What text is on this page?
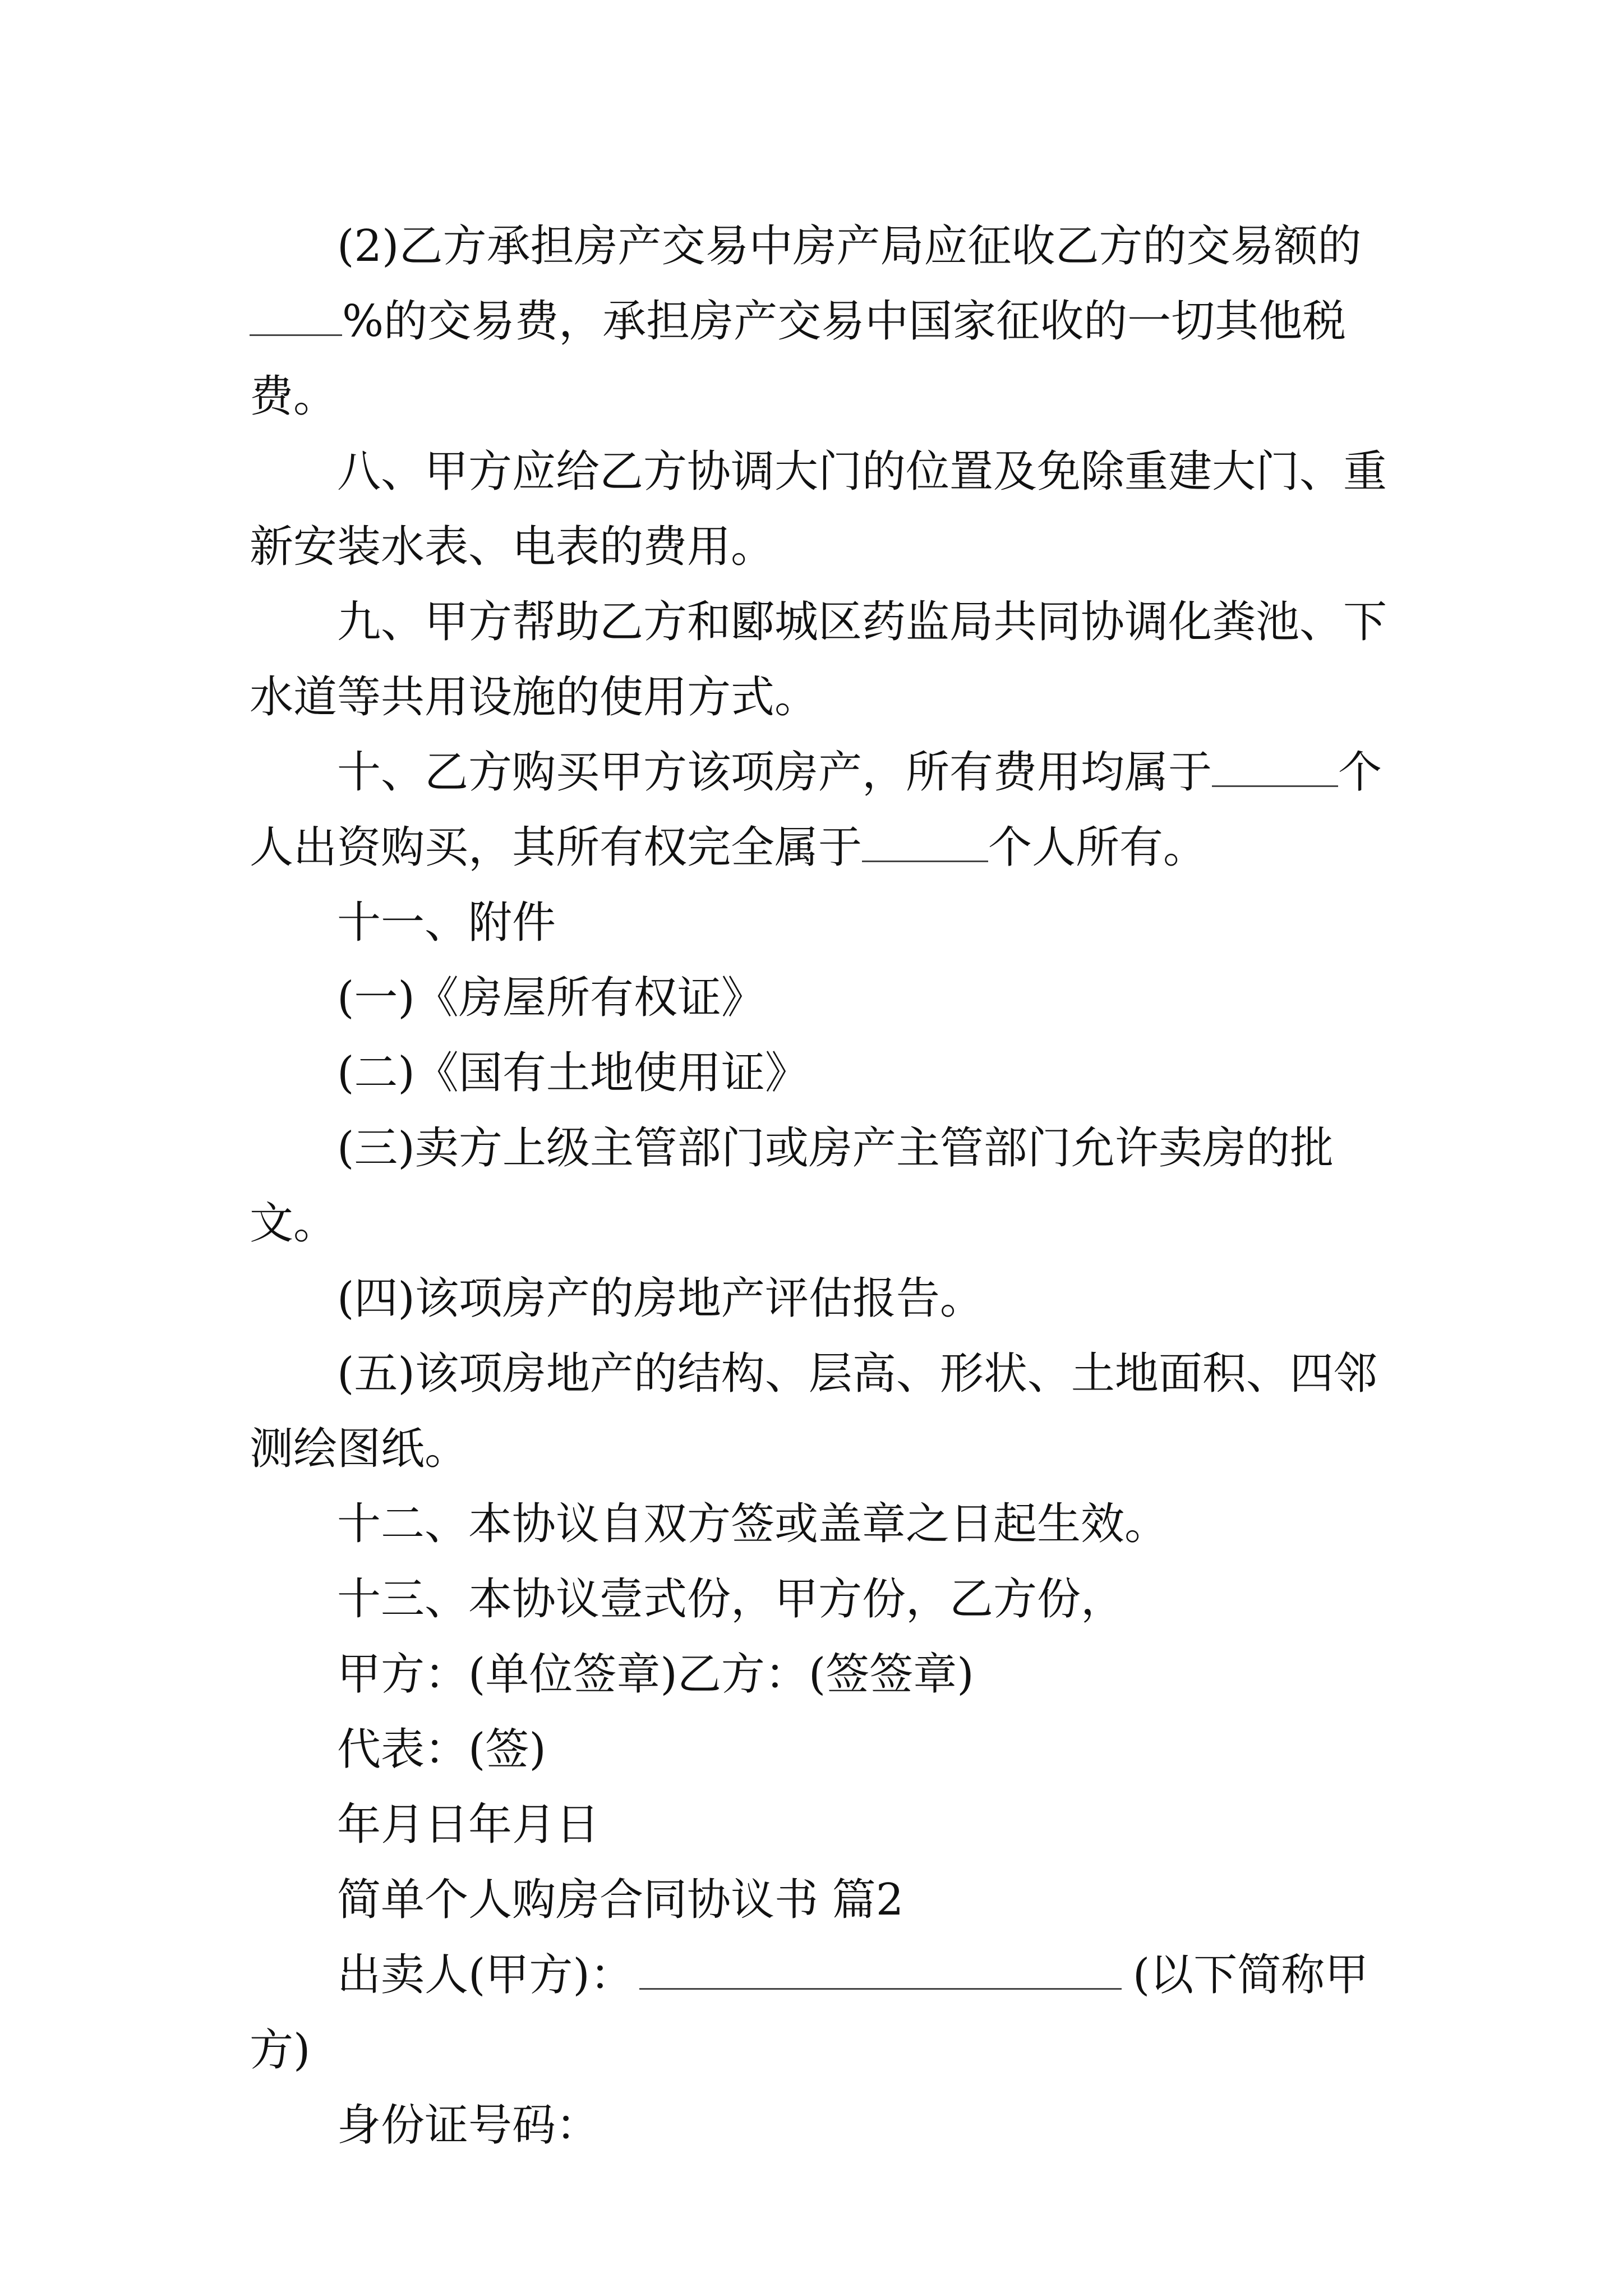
(2)乙方承担房产交易中房产局应征收乙方的交易额的%的交易费，承担房产交易中国家征收的一切其他税费。

八、甲方应给乙方协调大门的位置及免除重建大门、重新安装水表、电表的费用。

九、甲方帮助乙方和郾城区药监局共同协调化粪池、下水道等共用设施的使用方式。

十、乙方购买甲方该项房产，所有费用均属于	个人出资购买，其所有权完全属于	个人所有。

十一、附件

(一)《房屋所有权证》

(二)《国有土地使用证》

(三)卖方上级主管部门或房产主管部门允许卖房的批文。

(四)该项房产的房地产评估报告。

(五)该项房地产的结构、层高、形状、土地面积、四邻测绘图纸。

十二、本协议自双方签或盖章之日起生效。

十三、本协议壹式份，甲方份，乙方份，

甲方：(单位签章)乙方：(签签章)

代表：(签)

年月日年月日

简单个人购房合同协议书 篇2

出卖人(甲方)：	(以下简称甲方)

身份证号码：
